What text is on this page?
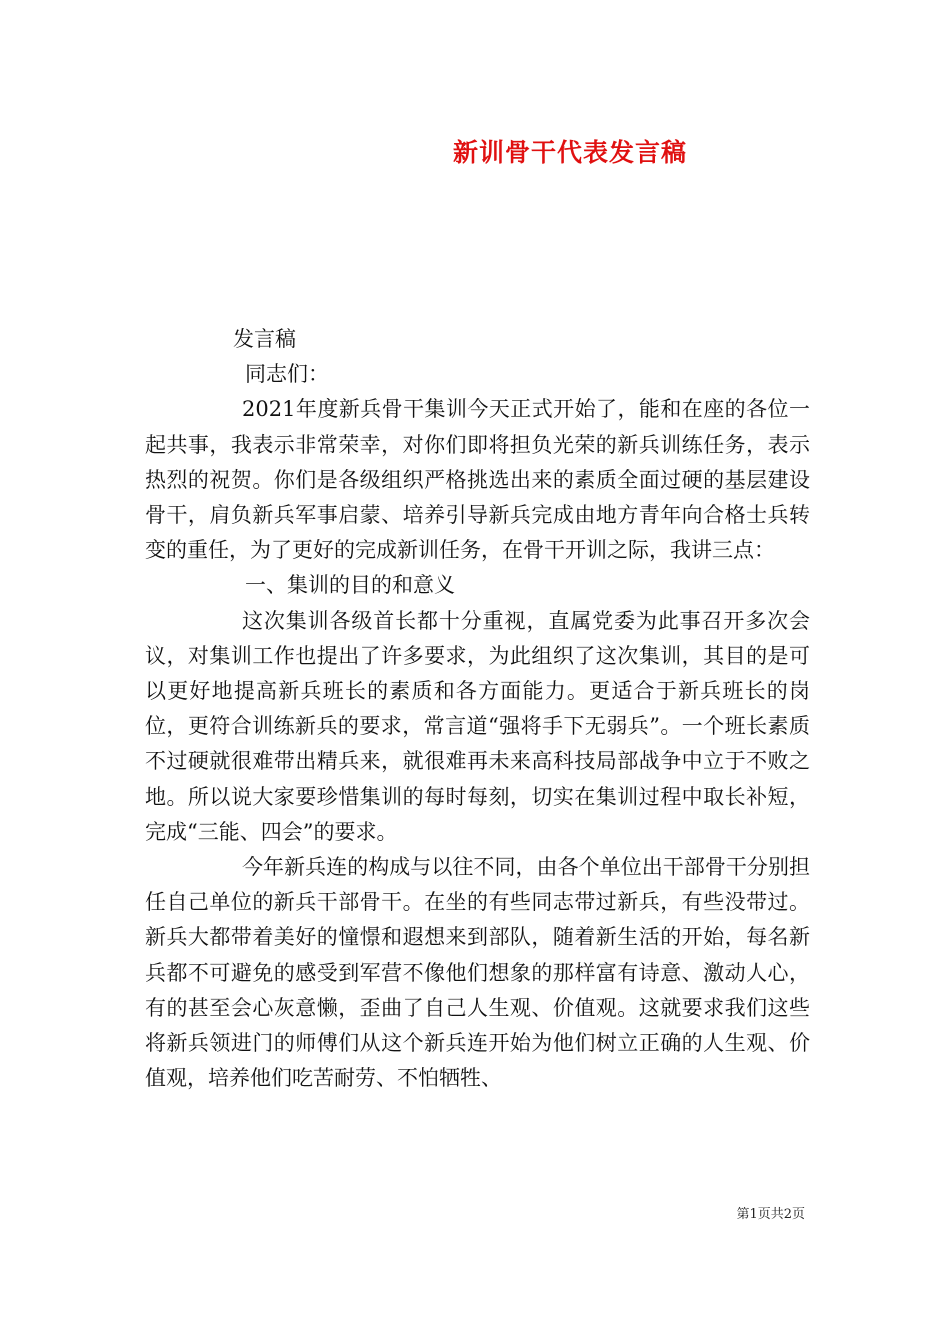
新训骨干代表发言稿

发言稿

同志们：

2021年度新兵骨干集训今天正式开始了，能和在座的各位一起共事，我表示非常荣幸，对你们即将担负光荣的新兵训练任务，表示热烈的祝贺。你们是各级组织严格挑选出来的素质全面过硬的基层建设骨干，肩负新兵军事启蒙、培养引导新兵完成由地方青年向合格士兵转变的重任，为了更好的完成新训任务，在骨干开训之际，我讲三点：

一、集训的目的和意义

这次集训各级首长都十分重视，直属党委为此事召开多次会议，对集训工作也提出了许多要求，为此组织了这次集训，其目的是可以更好地提高新兵班长的素质和各方面能力。更适合于新兵班长的岗位，更符合训练新兵的要求，常言道“强将手下无弱兵”。一个班长素质不过硬就很难带出精兵来，就很难再未来高科技局部战争中立于不败之地。所以说大家要珍惜集训的每时每刻，切实在集训过程中取长补短，完成“三能、四会”的要求。

今年新兵连的构成与以往不同，由各个单位出干部骨干分别担任自己单位的新兵干部骨干。在坐的有些同志带过新兵，有些没带过。新兵大都带着美好的憧憬和遐想来到部队，随着新生活的开始，每名新兵都不可避免的感受到军营不像他们想象的那样富有诗意、激动人心，有的甚至会心灰意懒，歪曲了自己人生观、价值观。这就要求我们这些将新兵领进门的师傅们从这个新兵连开始为他们树立正确的人生观、价值观，培养他们吃苦耐劳、不怕牺牲、

第1页共2页
